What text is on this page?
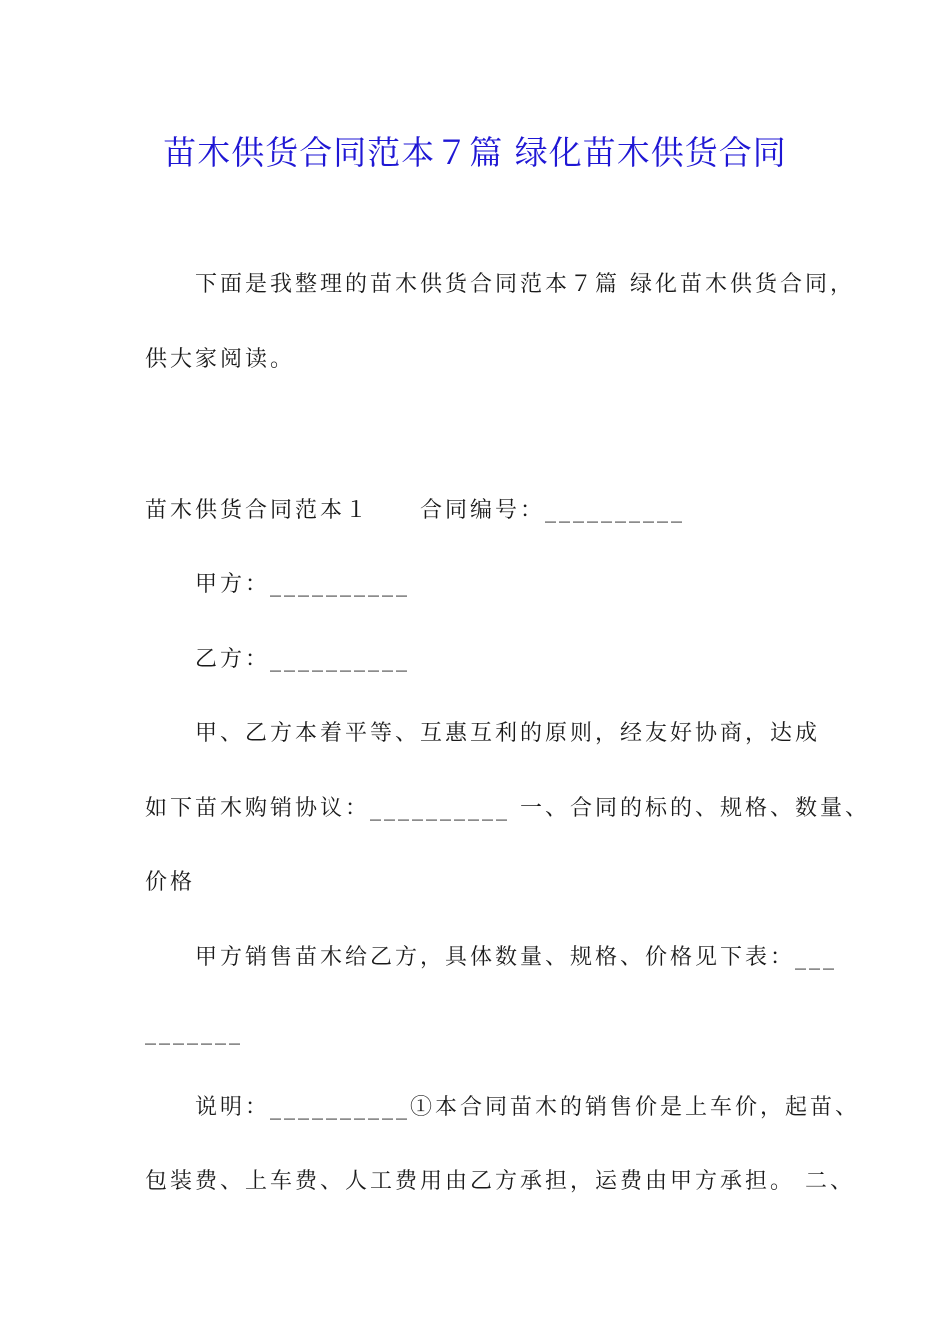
苗木供货合同范本７篇 绿化苗木供货合同
下面是我整理的苗木供货合同范本７篇 绿化苗木供货合同，
供大家阅读。
苗木供货合同范本１　　合同编号：__________
甲方：__________
乙方：__________
甲、乙方本着平等、互惠互利的原则，经友好协商，达成
如下苗木购销协议：__________ 一、合同的标的、规格、数量、
价格
甲方销售苗木给乙方，具体数量、规格、价格见下表：___
_______
说明：__________①本合同苗木的销售价是上车价，起苗、
包装费、上车费、人工费用由乙方承担，运费由甲方承担。 二、
